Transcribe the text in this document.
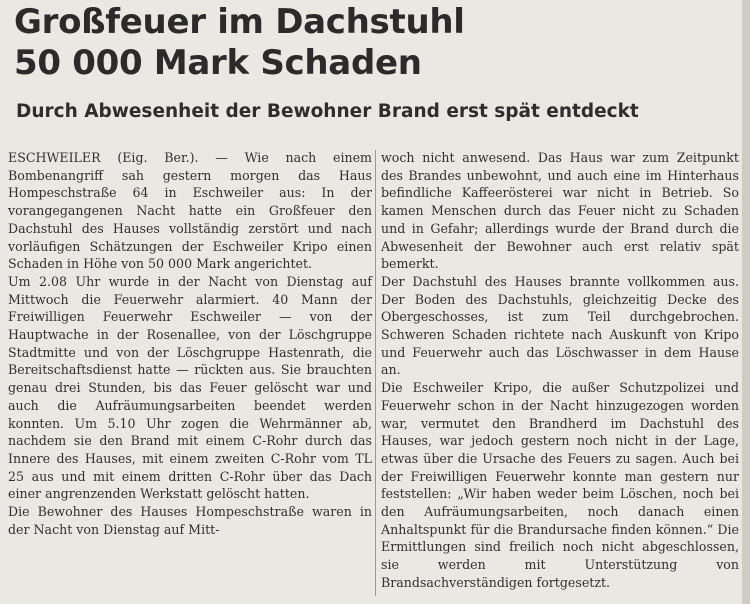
Großfeuer im Dachstuhl
50 000 Mark Schaden
Durch Abwesenheit der Bewohner Brand erst spät entdeckt

ESCHWEILER (Eig. Ber.). — Wie nach einem Bombenangriff sah gestern morgen das Haus Hompeschstraße 64 in Eschweiler aus: In der vorangegangenen Nacht hatte ein Großfeuer den Dachstuhl des Hauses vollständig zerstört und nach vorläufigen Schätzungen der Eschweiler Kripo einen Schaden in Höhe von 50 000 Mark angerichtet.

Um 2.08 Uhr wurde in der Nacht von Dienstag auf Mittwoch die Feuerwehr alarmiert. 40 Mann der Freiwilligen Feuerwehr Eschweiler — von der Hauptwache in der Rosenallee, von der Löschgruppe Stadtmitte und von der Löschgruppe Hastenrath, die Bereitschaftsdienst hatte — rückten aus. Sie brauchten genau drei Stunden, bis das Feuer gelöscht war und auch die Aufräumungsarbeiten beendet werden konnten. Um 5.10 Uhr zogen die Wehrmänner ab, nachdem sie den Brand mit einem C-Rohr durch das Innere des Hauses, mit einem zweiten C-Rohr vom TL 25 aus und mit einem dritten C-Rohr über das Dach einer angrenzenden Werkstatt gelöscht hatten.

Die Bewohner des Hauses Hompeschstraße waren in der Nacht von Dienstag auf Mitt-

woch nicht anwesend. Das Haus war zum Zeitpunkt des Brandes unbewohnt, und auch eine im Hinterhaus befindliche Kaffeerösterei war nicht in Betrieb. So kamen Menschen durch das Feuer nicht zu Schaden und in Gefahr; allerdings wurde der Brand durch die Abwesenheit der Bewohner auch erst relativ spät bemerkt.

Der Dachstuhl des Hauses brannte vollkommen aus. Der Boden des Dachstuhls, gleichzeitig Decke des Obergeschosses, ist zum Teil durchgebrochen. Schweren Schaden richtete nach Auskunft von Kripo und Feuerwehr auch das Löschwasser in dem Hause an.

Die Eschweiler Kripo, die außer Schutzpolizei und Feuerwehr schon in der Nacht hinzugezogen worden war, vermutet den Brandherd im Dachstuhl des Hauses, war jedoch gestern noch nicht in der Lage, etwas über die Ursache des Feuers zu sagen. Auch bei der Freiwilligen Feuerwehr konnte man gestern nur feststellen: „Wir haben weder beim Löschen, noch bei den Aufräumungsarbeiten, noch danach einen Anhaltspunkt für die Brandursache finden können.“ Die Ermittlungen sind freilich noch nicht abgeschlossen, sie werden mit Unterstützung von Brandsachverständigen fortgesetzt.
